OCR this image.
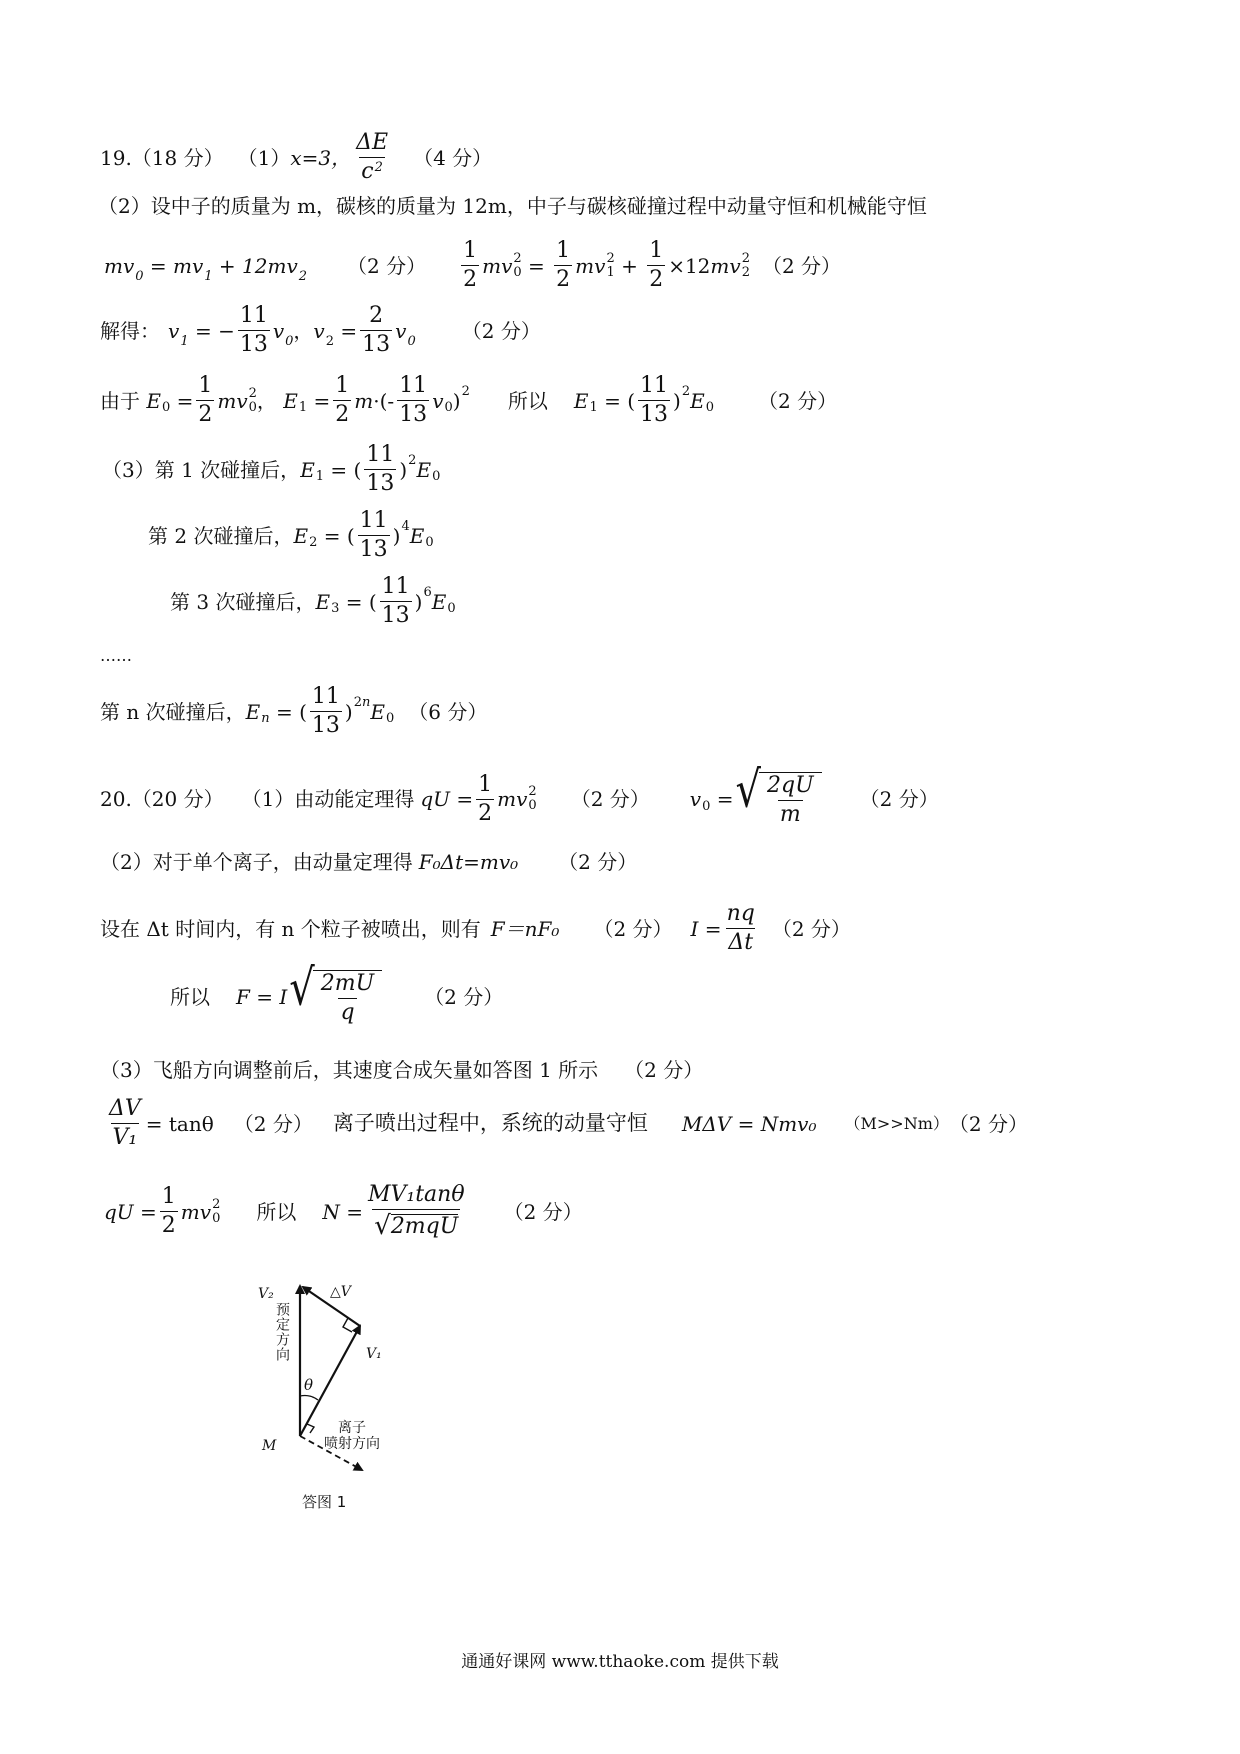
19.（18 分） （1） x=3， $\frac{\Delta E}{c^2} (4$ 分）
（2）设中子的质量为 m，碳核的质量为 12m，中子与碳核碰撞过程中动量守恒和机械能守恒
$mv_0 = mv_1 + 12mv_2$ （2 分） $\frac{1}{2}$ mv 2
$0 = \frac{1}{2}$ mv 2
$1 + \frac{1}{2} \times 12$ mv 2
2 （2 分）
解得： $v_1$ = − $\frac{11}{13} v_0$ ，$v_2 = \frac{2}{13} v_0$ （2 分）
由于 E $0 = \frac{1}{2}$ mv 2
0 ， E $1 = \frac{1}{2}$ m ·(- $\frac{11}{13}$ v 0 ) 2 所以 E 1 = ( $\frac{11}{13}$ ) 2 E 0 （2 分）
（3） 第 1 次碰撞后， E 1 = ( $\frac{11}{13}$ ) 2 E 0
第 2 次碰撞后， E 2 = ( $\frac{11}{13}$ ) 4 E 0
第 3 次碰撞后， E 3 = ( $\frac{11}{13}$ ) 6 E 0
……
第 n 次碰撞后， E n = ( $\frac{11}{13}$ ) 2n E 0 （6 分）
20.（20 分） （1）由动能定理得 qU = $\frac{1}{2}$ mv 2
0 （2 分） v 0 = √ $\frac{2qU}{m} (2$ 分）
（2）对于单个离子，由动量定理得 F₀Δt=mv₀ （2 分）
设在 Δt 时间内，有 n 个粒子被喷出，则有 F＝nF₀ （2 分） $I = \frac{nq}{\Delta t} (2$ 分）
所以 F = I √ $\frac{2mU}{q} (2$ 分）
（3）飞船方向调整前后，其速度合成矢量如答图 1 所示 （2 分）
$\frac{\Delta V}{\text{V₁}} = \tan\theta$ （2 分） 离子喷出过程中，系统的动量守恒 MΔV = Nmv₀ （M>>Nm） （2 分）
qU = $\frac{1}{2}$ mv 2
0 所以 $N = \frac{\text{MV₁tanθ}}{\text{√ 2mqU}} (2$ 分）
V₂	△V
V₁
θ
M
预定方向
离子
喷射方向
答图 1
通通好课网 www.tthaoke.com 提供下载
